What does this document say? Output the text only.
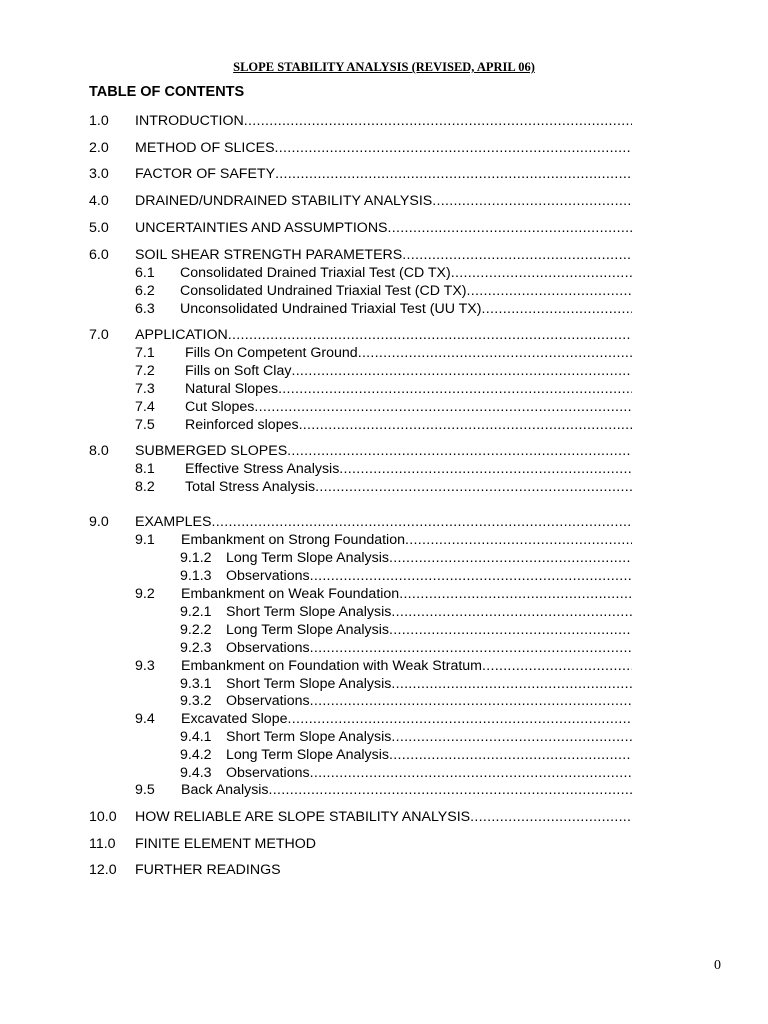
SLOPE STABILITY ANALYSIS (REVISED, APRIL 06)
TABLE OF CONTENTS
1.0	INTRODUCTION
.....
2.0	METHOD OF SLICES
.....
3.0	FACTOR OF SAFETY
.....
4.0	DRAINED/UNDRAINED STABILITY ANALYSIS
.....
5.0	UNCERTAINTIES AND ASSUMPTIONS
.....
6.0	SOIL SHEAR STRENGTH PARAMETERS
.....
6.1	Consolidated Drained Triaxial Test (CD TX)
.....
6.2	Consolidated Undrained Triaxial Test (CD TX)
.....
6.3	Unconsolidated Undrained Triaxial Test (UU TX)
.....
7.0	APPLICATION
.....
7.1	Fills On Competent Ground
.....
7.2	Fills on Soft Clay
.....
7.3	Natural Slopes
.....
7.4	Cut Slopes
.....
7.5	Reinforced slopes
.....
8.0	SUBMERGED SLOPES
.....
8.1	Effective Stress Analysis
.....
8.2	Total Stress Analysis
.....
9.0	EXAMPLES
.....
9.1	Embankment on Strong Foundation
.....
9.1.2	Long Term Slope Analysis
.....
9.1.3	Observations
.....
9.2	Embankment on Weak Foundation
.....
9.2.1	Short Term Slope Analysis
.....
9.2.2	Long Term Slope Analysis
.....
9.2.3	Observations
.....
9.3	Embankment on Foundation with Weak Stratum
.....
9.3.1	Short Term Slope Analysis
.....
9.3.2	Observations
.....
9.4	Excavated Slope
.....
9.4.1	Short Term Slope Analysis
.....
9.4.2	Long Term Slope Analysis
.....
9.4.3	Observations
.....
9.5	Back Analysis
.....
10.0	HOW RELIABLE ARE SLOPE STABILITY ANALYSIS
.....
11.0	FINITE ELEMENT METHOD
12.0	FURTHER READINGS
0
